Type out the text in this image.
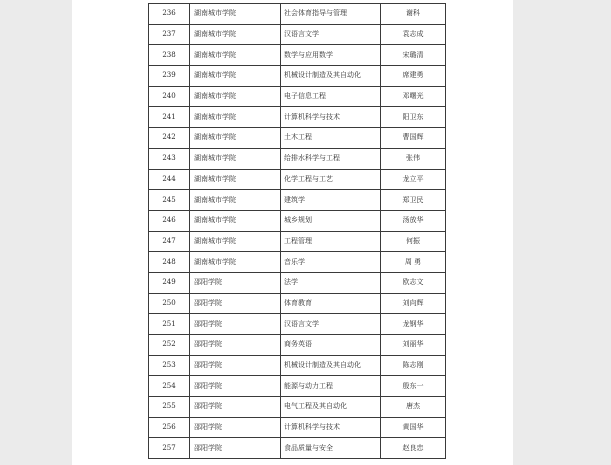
236	湖南城市学院	社会体育指导与管理	谢科
237	湖南城市学院	汉语言文学	袁志成
238	湖南城市学院	数学与应用数学	宋璐清
239	湖南城市学院	机械设计制造及其自动化	席建勇
240	湖南城市学院	电子信息工程	邓曙光
241	湖南城市学院	计算机科学与技术	阳卫东
242	湖南城市学院	土木工程	曹国辉
243	湖南城市学院	给排水科学与工程	张伟
244	湖南城市学院	化学工程与工艺	龙立平
245	湖南城市学院	建筑学	郑卫民
246	湖南城市学院	城乡规划	汤放华
247	湖南城市学院	工程管理	何振
248	湖南城市学院	音乐学	周 勇
249	邵阳学院	法学	欧志文
250	邵阳学院	体育教育	刘向辉
251	邵阳学院	汉语言文学	龙钢华
252	邵阳学院	商务英语	刘丽华
253	邵阳学院	机械设计制造及其自动化	陈志刚
254	邵阳学院	能源与动力工程	殷东一
255	邵阳学院	电气工程及其自动化	唐杰
256	邵阳学院	计算机科学与技术	黄国华
257	邵阳学院	食品质量与安全	赵良忠
